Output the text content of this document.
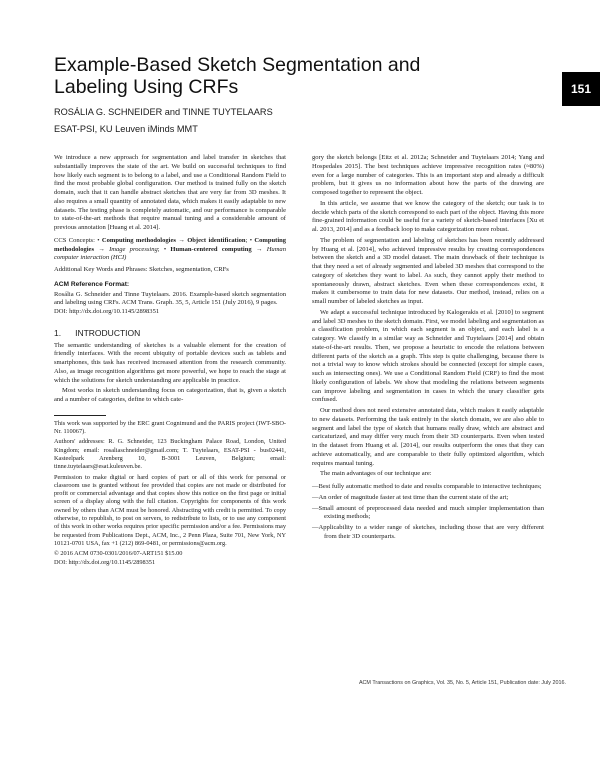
Example-Based Sketch Segmentation and Labeling Using CRFs	151
ROSÁLIA G. SCHNEIDER and TINNE TUYTELAARS
ESAT-PSI, KU Leuven iMinds MMT

We introduce a new approach for segmentation and label transfer in sketches that substantially improves the state of the art. We build on successful techniques to find how likely each segment is to belong to a label, and use a Conditional Random Field to find the most probable global configuration. Our method is trained fully on the sketch domain, such that it can handle abstract sketches that are very far from 3D meshes. It also requires a small quantity of annotated data, which makes it easily adaptable to new datasets. The testing phase is completely automatic, and our performance is comparable to state-of-the-art methods that require manual tuning and a considerable amount of previous annotation [Huang et al. 2014].

CCS Concepts: • Computing methodologies → Object identification; • Computing methodologies → Image processing; • Human-centered computing → Human computer interaction (HCI)

Additional Key Words and Phrases: Sketches, segmentation, CRFs

ACM Reference Format:

Rosália G. Schneider and Tinne Tuytelaars. 2016. Example-based sketch segmentation and labeling using CRFs. ACM Trans. Graph. 35, 5, Article 151 (July 2016), 9 pages.

DOI: http://dx.doi.org/10.1145/2898351

1. INTRODUCTION

The semantic understanding of sketches is a valuable element for the creation of friendly interfaces. With the recent ubiquity of portable devices such as tablets and smartphones, this task has received increased attention from the research community. Also, as image recognition algorithms get more powerful, we hope to reach the stage at which the solutions for sketch understanding are applicable in practice.

Most works in sketch understanding focus on categorization, that is, given a sketch and a number of categories, define to which cate-

This work was supported by the ERC grant Cognimund and the PARIS project (IWT-SBO-Nr. 110067).

Authors' addresses: R. G. Schneider, 123 Buckingham Palace Road, London, United Kingdom; email: rosaliaschneider@gmail.com; T. Tuytelaars, ESAT-PSI - bus02441, Kasteelpark Arenberg 10, B-3001 Leuven, Belgium; email: tinne.tuytelaars@esat.kuleuven.be.

Permission to make digital or hard copies of part or all of this work for personal or classroom use is granted without fee provided that copies are not made or distributed for profit or commercial advantage and that copies show this notice on the first page or initial screen of a display along with the full citation. Copyrights for components of this work owned by others than ACM must be honored. Abstracting with credit is permitted. To copy otherwise, to republish, to post on servers, to redistribute to lists, or to use any component of this work in other works requires prior specific permission and/or a fee. Permissions may be requested from Publications Dept., ACM, Inc., 2 Penn Plaza, Suite 701, New York, NY 10121-0701 USA, fax +1 (212) 869-0481, or permissions@acm.org.

© 2016 ACM 0730-0301/2016/07-ART151 $15.00

DOI: http://dx.doi.org/10.1145/2898351

gory the sketch belongs [Eitz et al. 2012a; Schneider and Tuytelaars 2014; Yang and Hospedales 2015]. The best techniques achieve impressive recognition rates (≈80%) even for a large number of categories. This is an important step and already a difficult problem, but it gives us no information about how the parts of the drawing are composed together to represent the object.

In this article, we assume that we know the category of the sketch; our task is to decide which parts of the sketch correspond to each part of the object. Having this more fine-grained information could be useful for a variety of sketch-based interfaces [Xu et al. 2013, 2014] and as a feedback loop to make categorization more robust.

The problem of segmentation and labeling of sketches has been recently addressed by Huang et al. [2014], who achieved impressive results by creating correspondences between the sketch and a 3D model dataset. The main drawback of their technique is that they need a set of already segmented and labeled 3D meshes that correspond to the category of sketches they want to label. As such, they cannot apply their method to spontaneously drawn, abstract sketches. Even when these correspondences exist, it makes it cumbersome to train data for new datasets. Our method, instead, relies on a small number of labeled sketches as input.

We adapt a successful technique introduced by Kalogerakis et al. [2010] to segment and label 3D meshes to the sketch domain. First, we model labeling and segmentation as a classification problem, in which each segment is an object, and each label is a category. We classify in a similar way as Schneider and Tuytelaars [2014] and obtain state-of-the-art results. Then, we propose a heuristic to encode the relations between different parts of the sketch as a graph. This step is quite challenging, because there is not a trivial way to know which strokes should be connected (except for simple cases, such as intersecting ones). We use a Conditional Random Field (CRF) to find the most likely configuration of labels. We show that modeling the relations between segments can improve labeling and segmentation in cases in which the unary classifier gets confused.

Our method does not need extensive annotated data, which makes it easily adaptable to new datasets. Performing the task entirely in the sketch domain, we are also able to segment and label the type of sketch that humans really draw, which are abstract and caricaturized, and may differ very much from their 3D counterparts. Even when tested in the dataset from Huang et al. [2014], our results outperform the ones that they can achieve automatically, and are comparable to their fully optimized algorithm, which requires manual tuning.

The main advantages of our technique are:

—Best fully automatic method to date and results comparable to interactive techniques;
—An order of magnitude faster at test time than the current state of the art;
—Small amount of preprocessed data needed and much simpler implementation than existing methods;
—Applicability to a wider range of sketches, including those that are very different from their 3D counterparts.
ACM Transactions on Graphics, Vol. 35, No. 5, Article 151, Publication date: July 2016.
